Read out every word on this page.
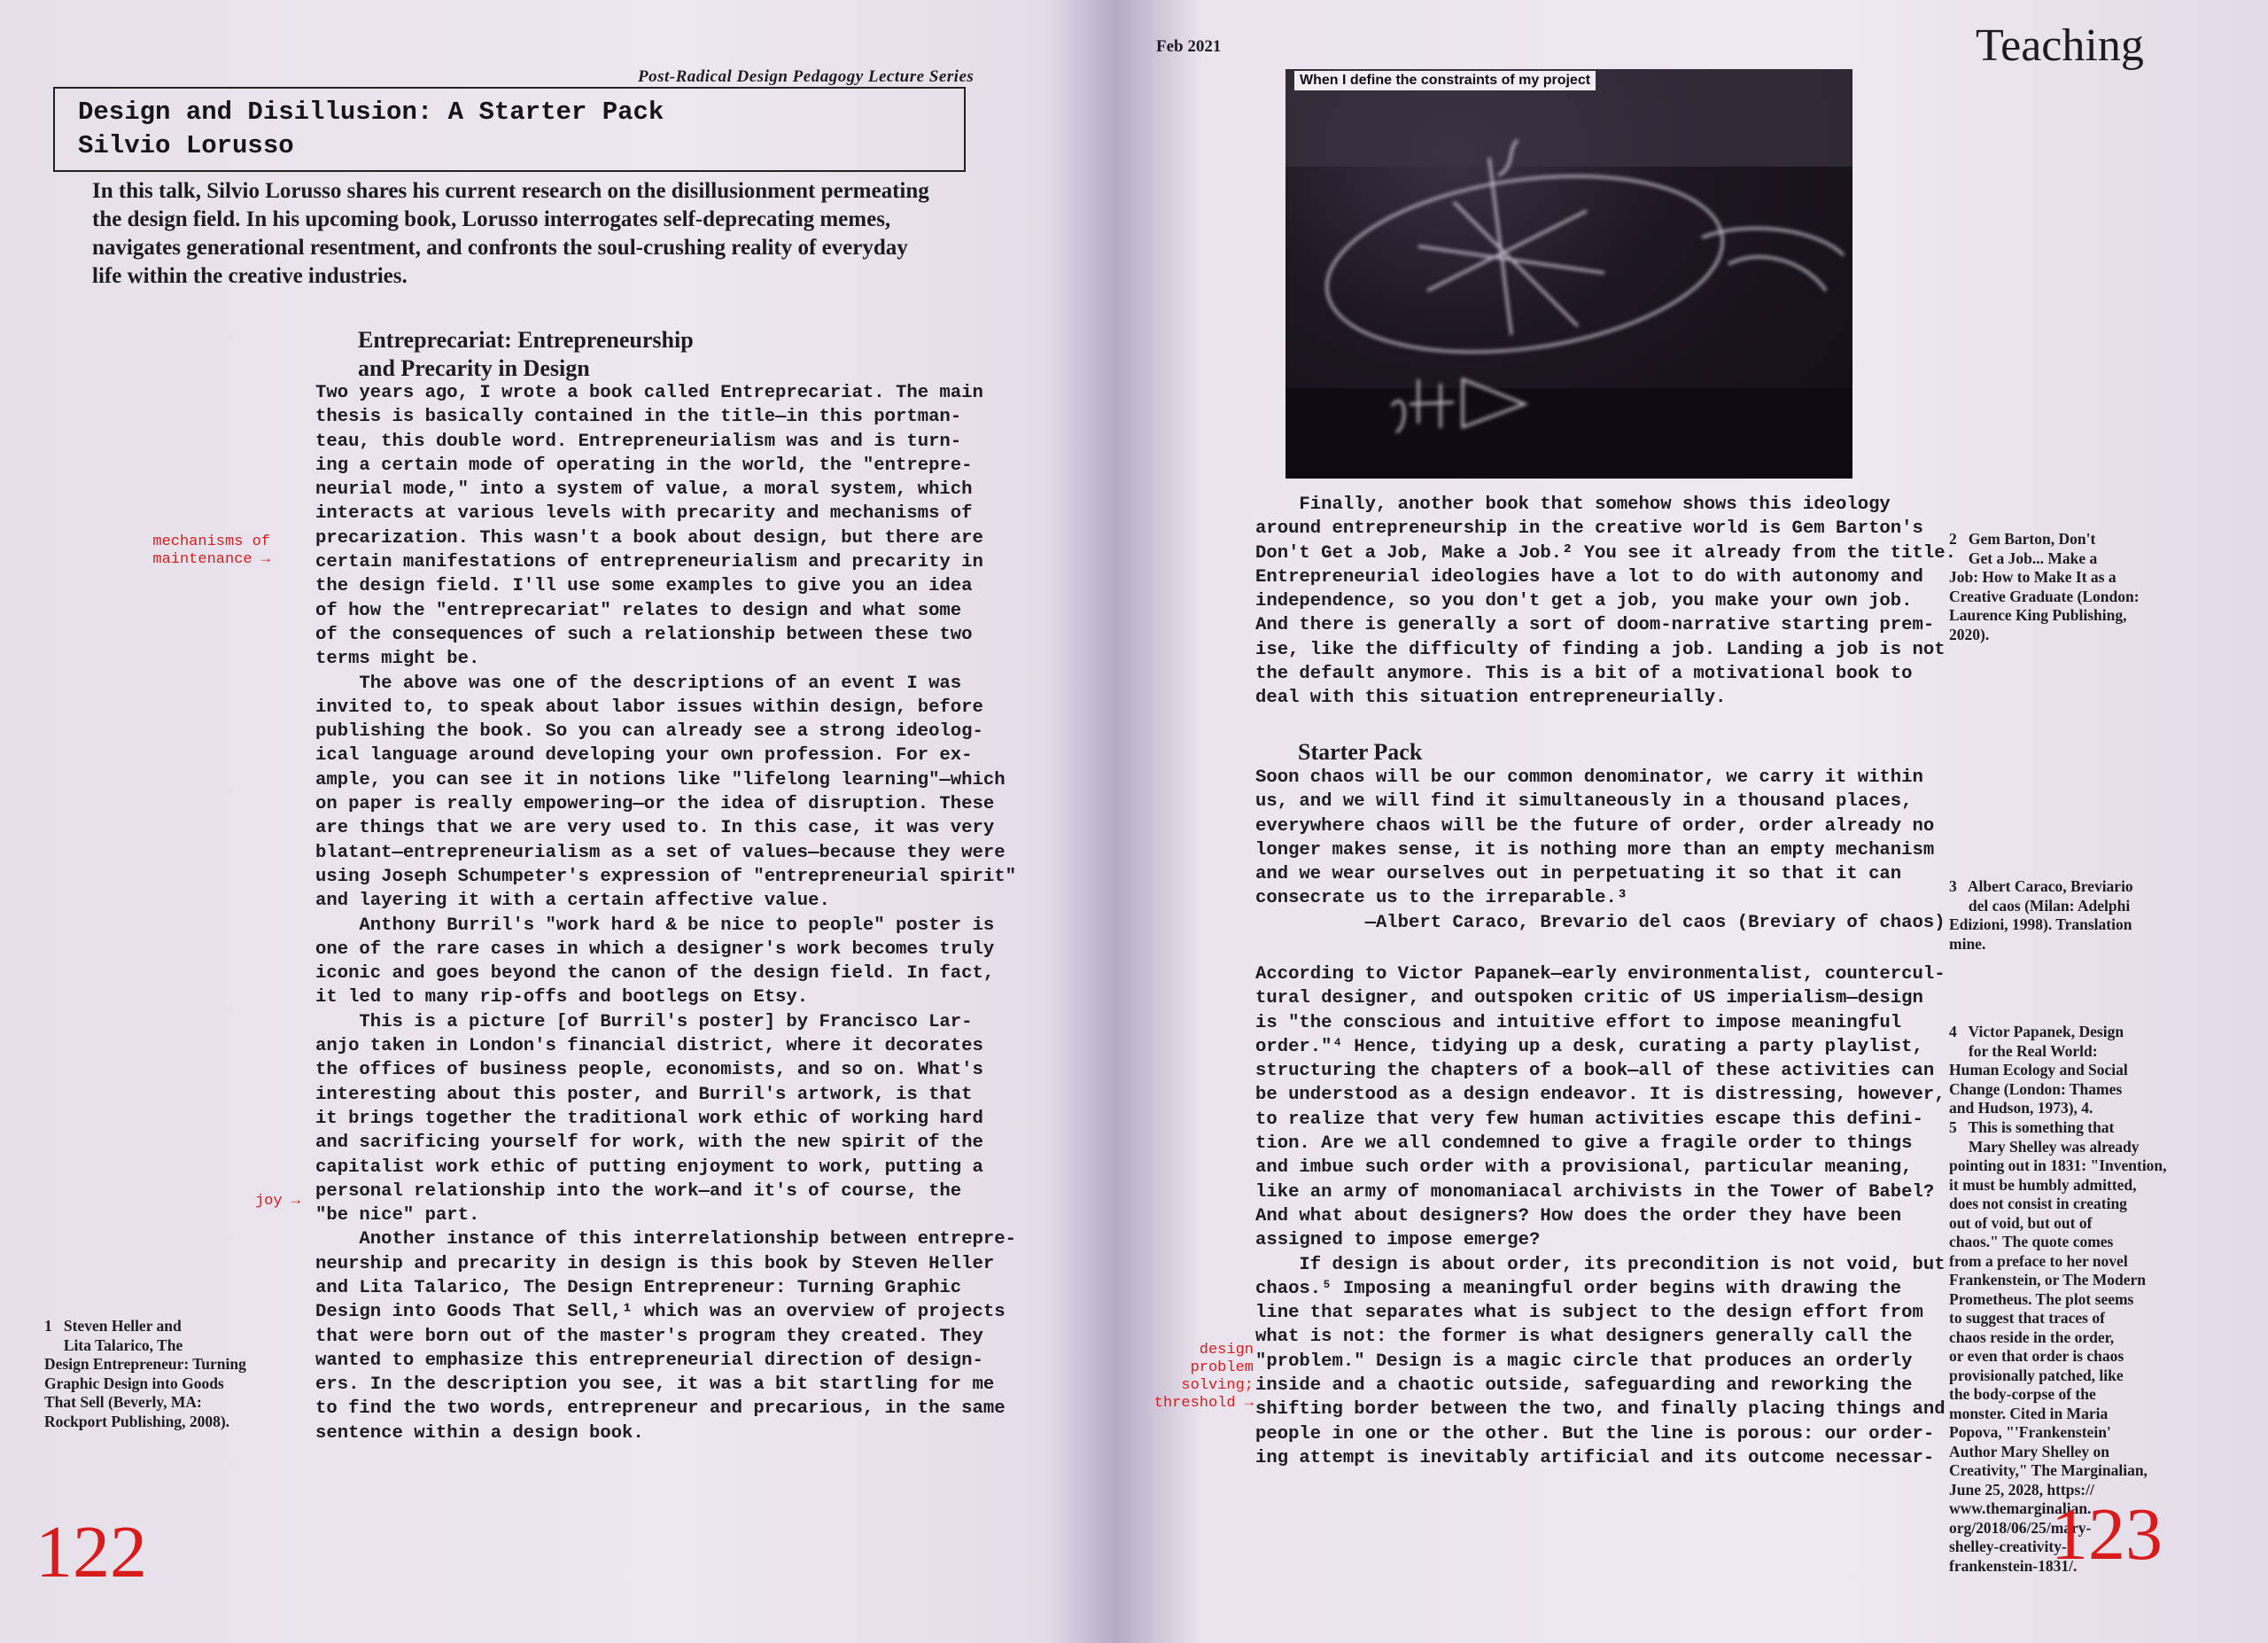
Post-Radical Design Pedagogy Lecture Series
Design and Disillusion: A Starter Pack
Silvio Lorusso
In this talk, Silvio Lorusso shares his current research on the disillusionment permeating the design field. In his upcoming book, Lorusso interrogates self-deprecating memes, navigates generational resentment, and confronts the soul-crushing reality of everyday life within the creative industries.
Entreprecariat: Entrepreneurship
and Precarity in Design
Two years ago, I wrote a book called Entreprecariat. The main
thesis is basically contained in the title—in this portman-
teau, this double word. Entrepreneurialism was and is turn-
ing a certain mode of operating in the world, the "entrepre-
neurial mode," into a system of value, a moral system, which
interacts at various levels with precarity and mechanisms of
precarization. This wasn't a book about design, but there are
certain manifestations of entrepreneurialism and precarity in
the design field. I'll use some examples to give you an idea
of how the "entreprecariat" relates to design and what some
of the consequences of such a relationship between these two
terms might be.
The above was one of the descriptions of an event I was
invited to, to speak about labor issues within design, before
publishing the book. So you can already see a strong ideolog-
ical language around developing your own profession. For ex-
ample, you can see it in notions like "lifelong learning"—which
on paper is really empowering—or the idea of disruption. These
are things that we are very used to. In this case, it was very
blatant—entrepreneurialism as a set of values—because they were
using Joseph Schumpeter's expression of "entrepreneurial spirit"
and layering it with a certain affective value.
Anthony Burril's "work hard & be nice to people" poster is
one of the rare cases in which a designer's work becomes truly
iconic and goes beyond the canon of the design field. In fact,
it led to many rip-offs and bootlegs on Etsy.
This is a picture [of Burril's poster] by Francisco Lar-
anjo taken in London's financial district, where it decorates
the offices of business people, economists, and so on. What's
interesting about this poster, and Burril's artwork, is that
it brings together the traditional work ethic of working hard
and sacrificing yourself for work, with the new spirit of the
capitalist work ethic of putting enjoyment to work, putting a
personal relationship into the work—and it's of course, the
"be nice" part.
Another instance of this interrelationship between entrepre-
neurship and precarity in design is this book by Steven Heller
and Lita Talarico, The Design Entrepreneur: Turning Graphic
Design into Goods That Sell,¹ which was an overview of projects
that were born out of the master's program they created. They
wanted to emphasize this entrepreneurial direction of design-
ers. In the description you see, it was a bit startling for me
to find the two words, entrepreneur and precarious, in the same
sentence within a design book.
mechanisms of
maintenance →
joy →
1   Steven Heller and
Lita Talarico, The
Design Entrepreneur: Turning
Graphic Design into Goods
That Sell (Beverly, MA:
Rockport Publishing, 2008).
122
Feb 2021	Teaching
When I define the constraints of my project
Finally, another book that somehow shows this ideology
around entrepreneurship in the creative world is Gem Barton's
Don't Get a Job, Make a Job.² You see it already from the title.
Entrepreneurial ideologies have a lot to do with autonomy and
independence, so you don't get a job, you make your own job.
And there is generally a sort of doom-narrative starting prem-
ise, like the difficulty of finding a job. Landing a job is not
the default anymore. This is a bit of a motivational book to
deal with this situation entrepreneurially.
Starter Pack
Soon chaos will be our common denominator, we carry it within
us, and we will find it simultaneously in a thousand places,
everywhere chaos will be the future of order, order already no
longer makes sense, it is nothing more than an empty mechanism
and we wear ourselves out in perpetuating it so that it can
consecrate us to the irreparable.³
—Albert Caraco, Brevario del caos (Breviary of chaos)
According to Victor Papanek—early environmentalist, countercul-
tural designer, and outspoken critic of US imperialism—design
is "the conscious and intuitive effort to impose meaningful
order."⁴ Hence, tidying up a desk, curating a party playlist,
structuring the chapters of a book—all of these activities can
be understood as a design endeavor. It is distressing, however,
to realize that very few human activities escape this defini-
tion. Are we all condemned to give a fragile order to things
and imbue such order with a provisional, particular meaning,
like an army of monomaniacal archivists in the Tower of Babel?
And what about designers? How does the order they have been
assigned to impose emerge?
If design is about order, its precondition is not void, but
chaos.⁵ Imposing a meaningful order begins with drawing the
line that separates what is subject to the design effort from
what is not: the former is what designers generally call the
"problem." Design is a magic circle that produces an orderly
inside and a chaotic outside, safeguarding and reworking the
shifting border between the two, and finally placing things and
people in one or the other. But the line is porous: our order-
ing attempt is inevitably artificial and its outcome necessar-
design
problem
solving;
threshold →
2   Gem Barton, Don't
Get a Job... Make a
Job: How to Make It as a
Creative Graduate (London:
Laurence King Publishing,
2020).
3   Albert Caraco, Breviario
del caos (Milan: Adelphi
Edizioni, 1998). Translation
mine.
4   Victor Papanek, Design
for the Real World:
Human Ecology and Social
Change (London: Thames
and Hudson, 1973), 4.
5   This is something that
Mary Shelley was already
pointing out in 1831: "Invention,
it must be humbly admitted,
does not consist in creating
out of void, but out of
chaos." The quote comes
from a preface to her novel
Frankenstein, or The Modern
Prometheus. The plot seems
to suggest that traces of
chaos reside in the order,
or even that order is chaos
provisionally patched, like
the body-corpse of the
monster. Cited in Maria
Popova, "'Frankenstein'
Author Mary Shelley on
Creativity," The Marginalian,
June 25, 2028, https://
www.themarginalian.
org/2018/06/25/mary-
shelley-creativity-
frankenstein-1831/.
123
